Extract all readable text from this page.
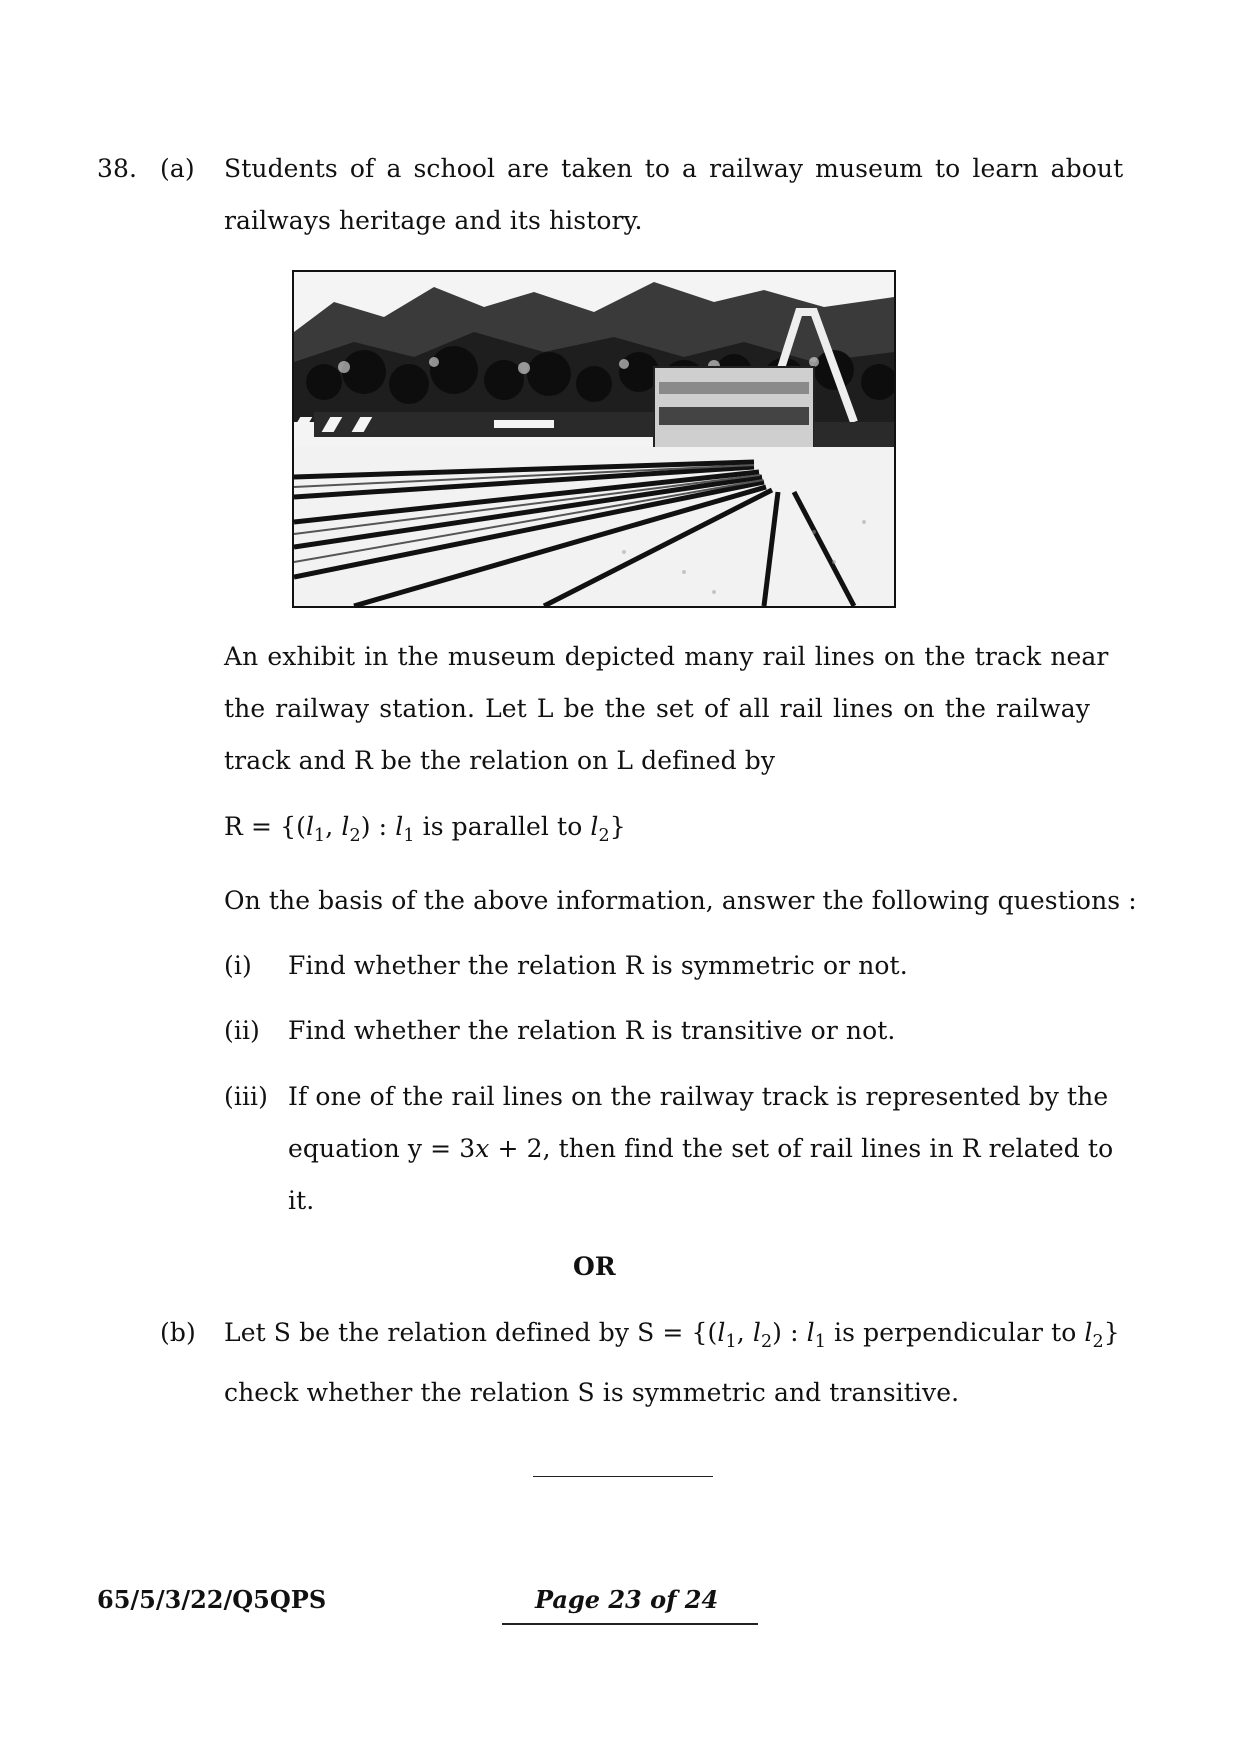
38. (a) Students of a school are taken to a railway museum to learn about
railways heritage and its history.
An exhibit in the museum depicted many rail lines on the track near
the railway station. Let L be the set of all rail lines on the railway
track and R be the relation on L defined by
$R = \{(l_1$, $l_2$) : $l_1$ is parallel to $l_2$}
On the basis of the above information, answer the following questions :
(i) Find whether the relation R is symmetric or not.
(ii) Find whether the relation R is transitive or not.
(iii) If one of the rail lines on the railway track is represented by the
equation y = 3x + 2, then find the set of rail lines in R related to
it.
OR
(b) Let S be the relation defined by $S = \{(l_1$, $l_2$) : $l_1$ is perpendicular to $l_2$}
check whether the relation S is symmetric and transitive.
65/5/3/22/Q5QPS	Page 23 of 24
